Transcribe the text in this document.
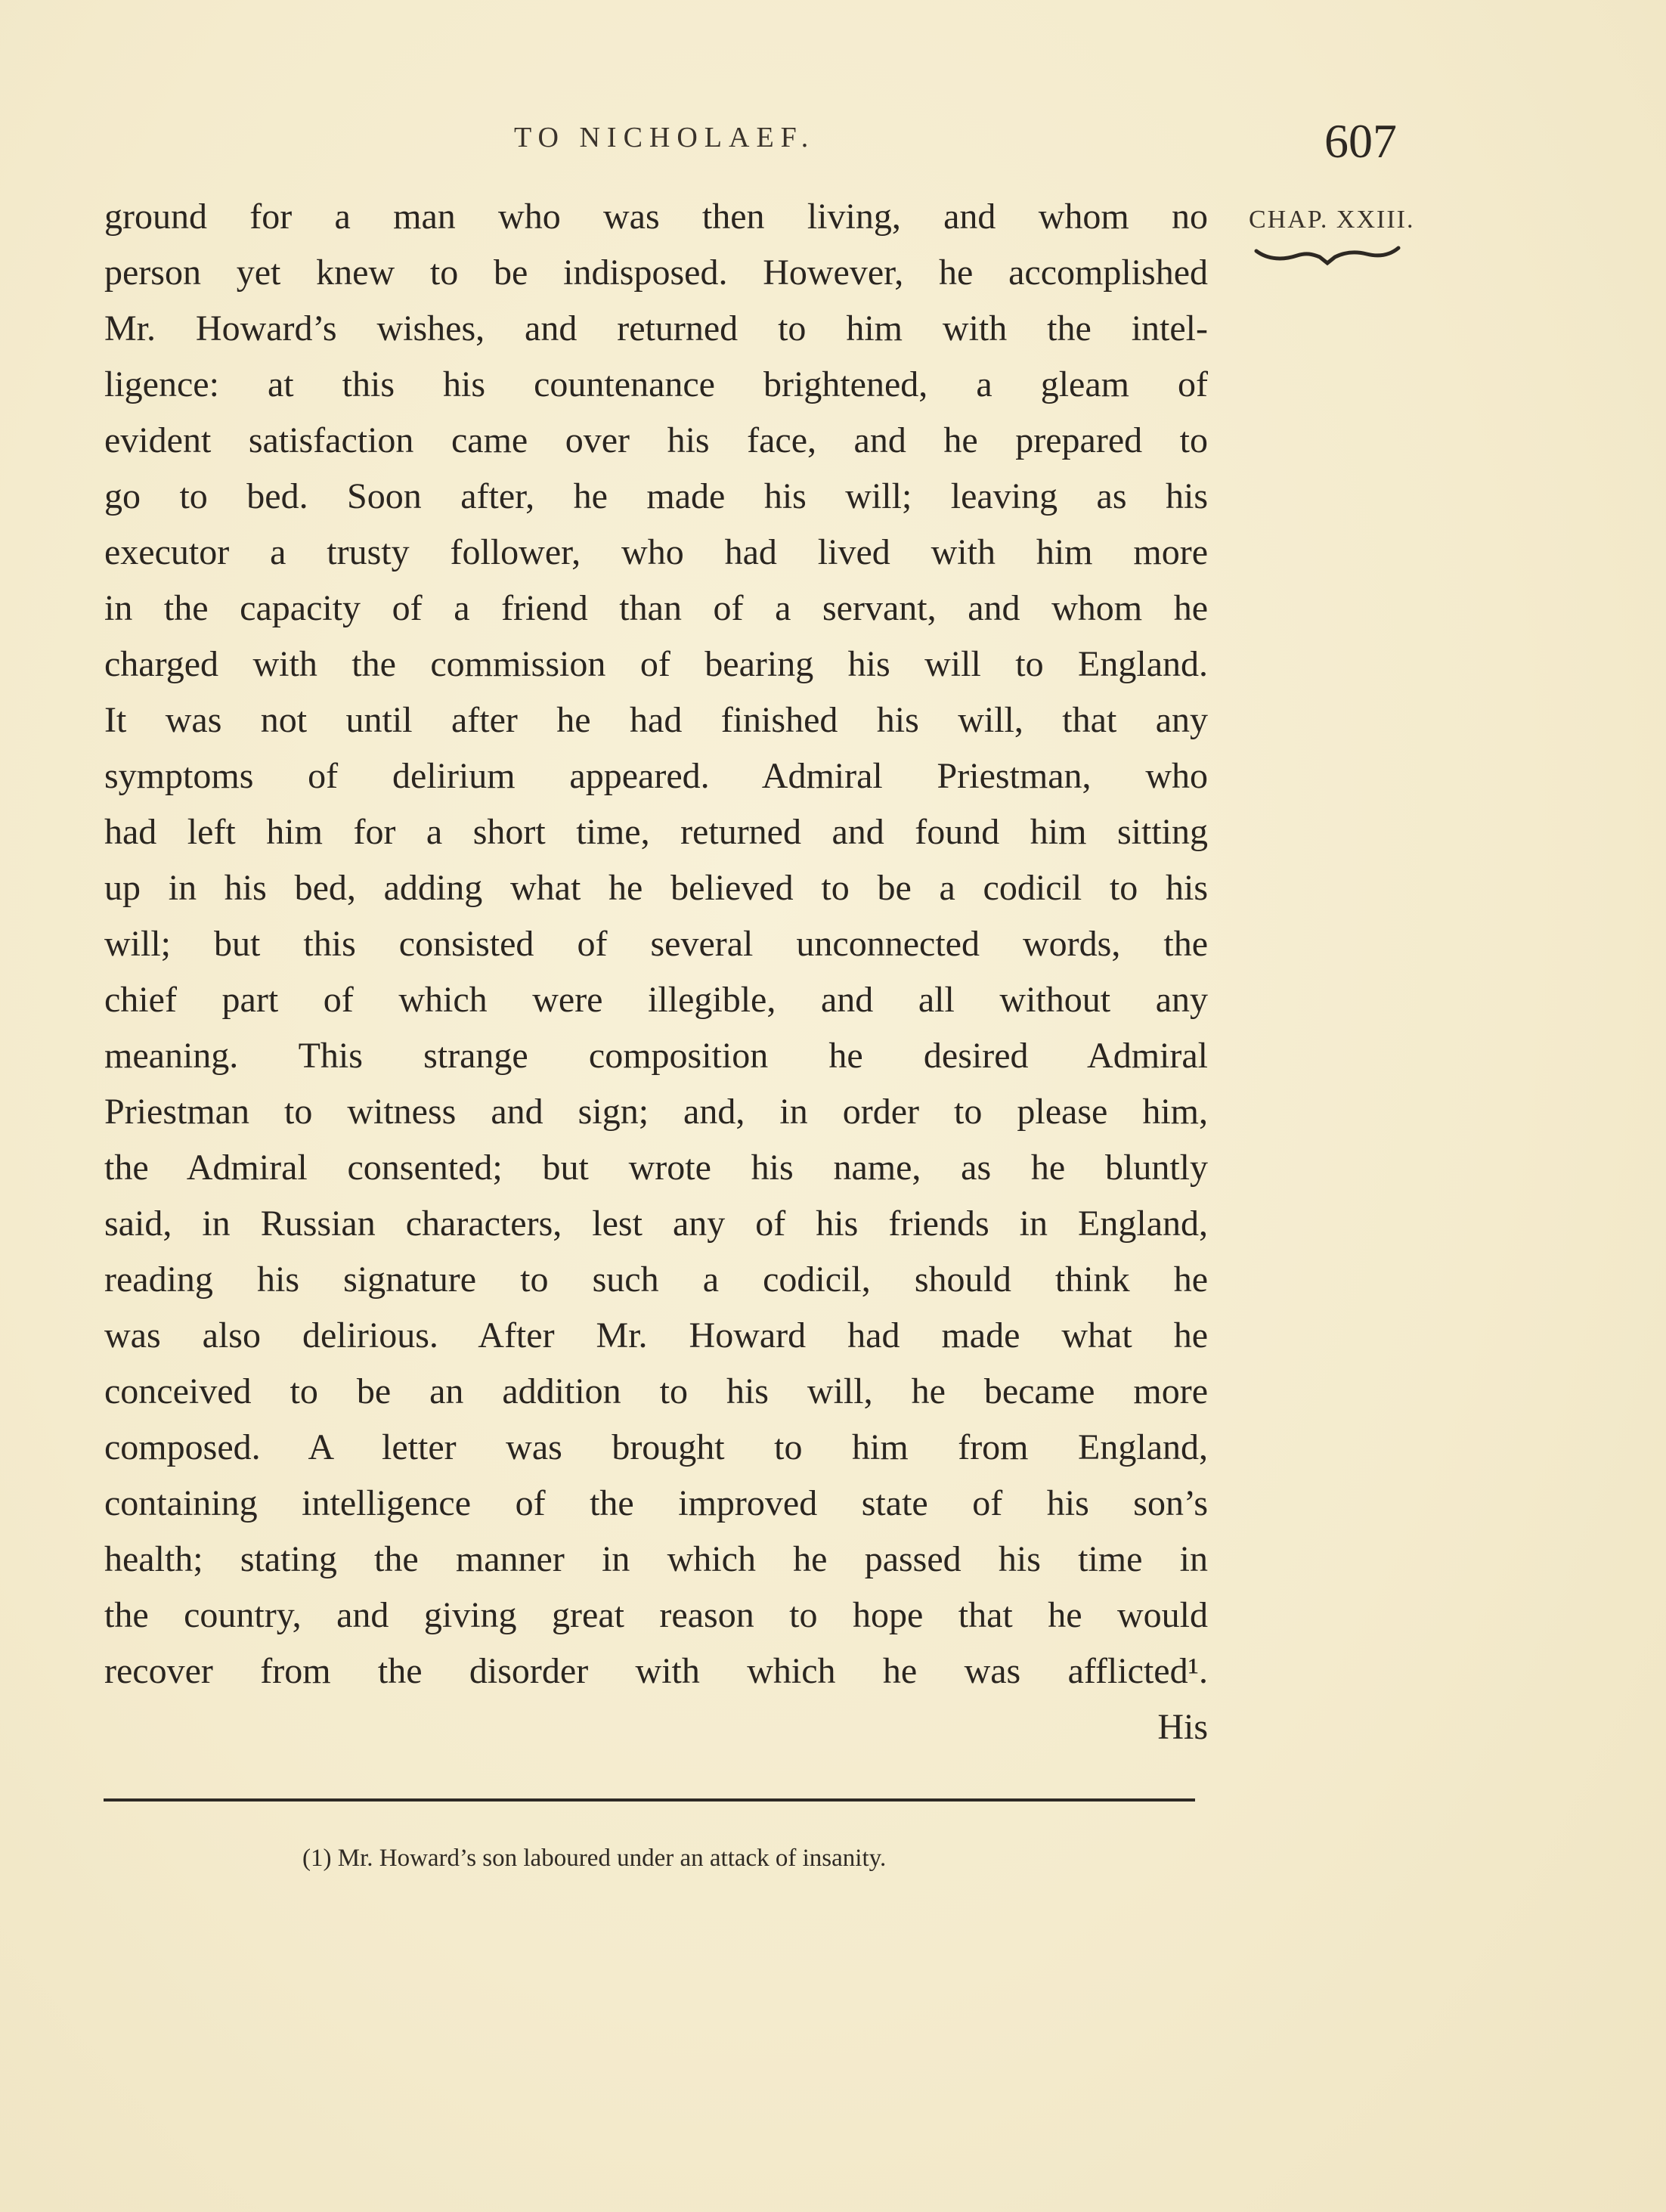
TO NICHOLAEF.	607
CHAP. XXIII.
ground for a man who was then living, and whom no
person yet knew to be indisposed. However, he accomplished
Mr. Howard’s wishes, and returned to him with the intel-
ligence: at this his countenance brightened, a gleam of
evident satisfaction came over his face, and he prepared to
go to bed. Soon after, he made his will; leaving as his
executor a trusty follower, who had lived with him more
in the capacity of a friend than of a servant, and whom he
charged with the commission of bearing his will to England.
It was not until after he had finished his will, that any
symptoms of delirium appeared. Admiral Priestman, who
had left him for a short time, returned and found him sitting
up in his bed, adding what he believed to be a codicil to his
will; but this consisted of several unconnected words, the
chief part of which were illegible, and all without any
meaning. This strange composition he desired Admiral
Priestman to witness and sign; and, in order to please him,
the Admiral consented; but wrote his name, as he bluntly
said, in Russian characters, lest any of his friends in England,
reading his signature to such a codicil, should think he
was also delirious. After Mr. Howard had made what he
conceived to be an addition to his will, he became more
composed. A letter was brought to him from England,
containing intelligence of the improved state of his son’s
health; stating the manner in which he passed his time in
the country, and giving great reason to hope that he would
recover from the disorder with which he was afflicted¹.
His
(1) Mr. Howard’s son laboured under an attack of insanity.
